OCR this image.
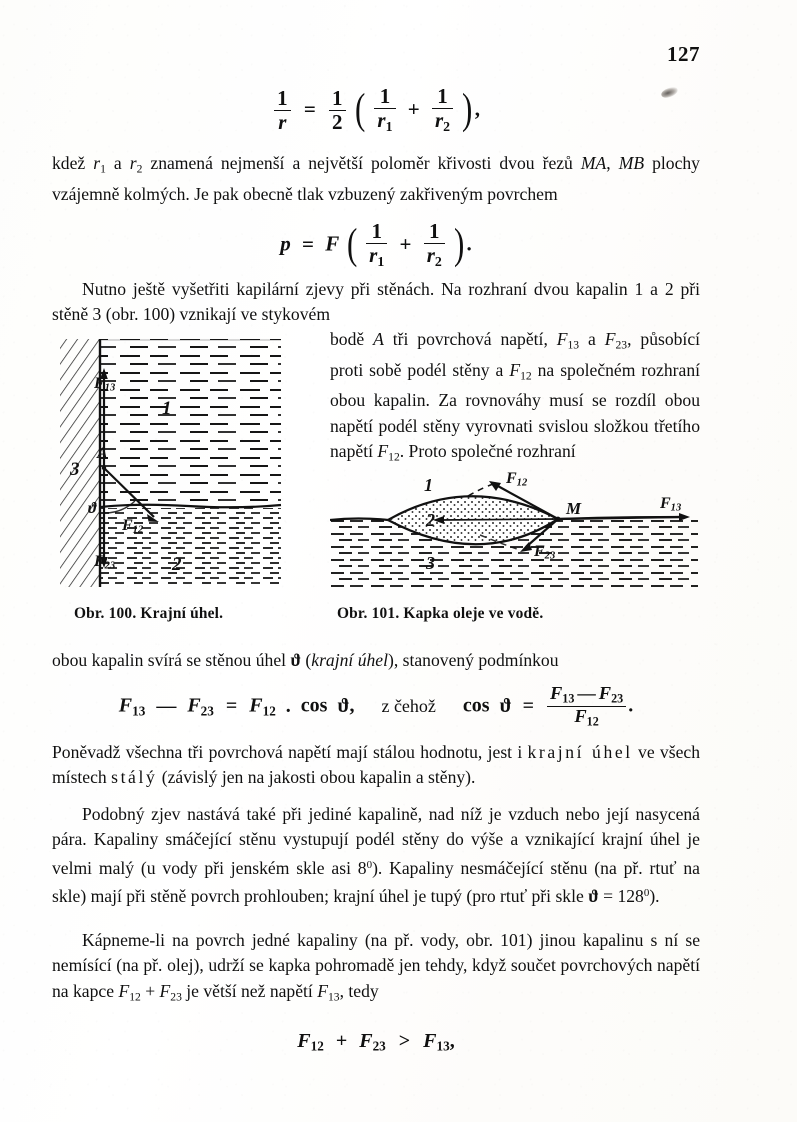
127
$\frac{1}{r} = \frac{1}{2}$ ( $\frac{1}{r_1} + \frac{1}{r_2}$ ),
kdež $r_1$ a $r_2$ znamená nejmenší a největší poloměr křivosti dvou řezů MA, MB plochy vzájemně kolmých. Je pak obecně tlak vzbuzený zakřiveným povrchem
p = F ( $\frac{1}{r_1} + \frac{1}{r_2}$ ).
Nutno ještě vyšetřiti kapilární zjevy při stěnách. Na rozhraní dvou kapalin 1 a 2 při stěně 3 (obr. 100) vznikají ve stykovém
bodě A tři povrchová napětí, $F_{13}$ a $F_{23}$, působící proti sobě podél stěny a $F_{12}$ na společném rozhraní obou kapalin. Za rovnováhy musí se rozdíl obou napětí podél stěny vyrovnati svislou složkou třetího napětí $F_{12}$. Proto společné rozhraní
3
1
2
A
ϑ
$F_{13}$
$F_{12}$
$F_{23}$
1
2
3
M
$F_{12}$
$F_{23}$
$F_{13}$
Obr. 100. Krajní úhel.	Obr. 101. Kapka oleje ve vodě.
obou kapalin svírá se stěnou úhel ϑ (krajní úhel), stanovený podmínkou
$F_{13}$ — $F_{23} = F_{12}$ . cos ϑ, z čehož $\cos ϑ = \frac{F_{13} — F_{23}}{F_{12}}$ .
Poněvadž všechna tři povrchová napětí mají stálou hodnotu, jest i krajní úhel ve všech místech stálý (závislý jen na jakosti obou kapalin a stěny).
Podobný zjev nastává také při jediné kapalině, nad níž je vzduch nebo její nasycená pára. Kapaliny smáčející stěnu vystupují podél stěny do výše a vznikající krajní úhel je velmi malý (u vody při jenském skle asi $8^0$). Kapaliny nesmáčející stěnu (na př. rtuť na skle) mají při stěně povrch prohlouben; krajní úhel je tupý (pro rtuť při skle $ϑ = 128^0$).
Kápneme-li na povrch jedné kapaliny (na př. vody, obr. 101) jinou kapalinu s ní se nemísící (na př. olej), udrží se kapka pohromadě jen tehdy, když součet povrchových napětí na kapce $F_{12} + F_{23}$ je větší než napětí $F_{13}$, tedy
$F_{12} + F_{23} > F_{13}$,
